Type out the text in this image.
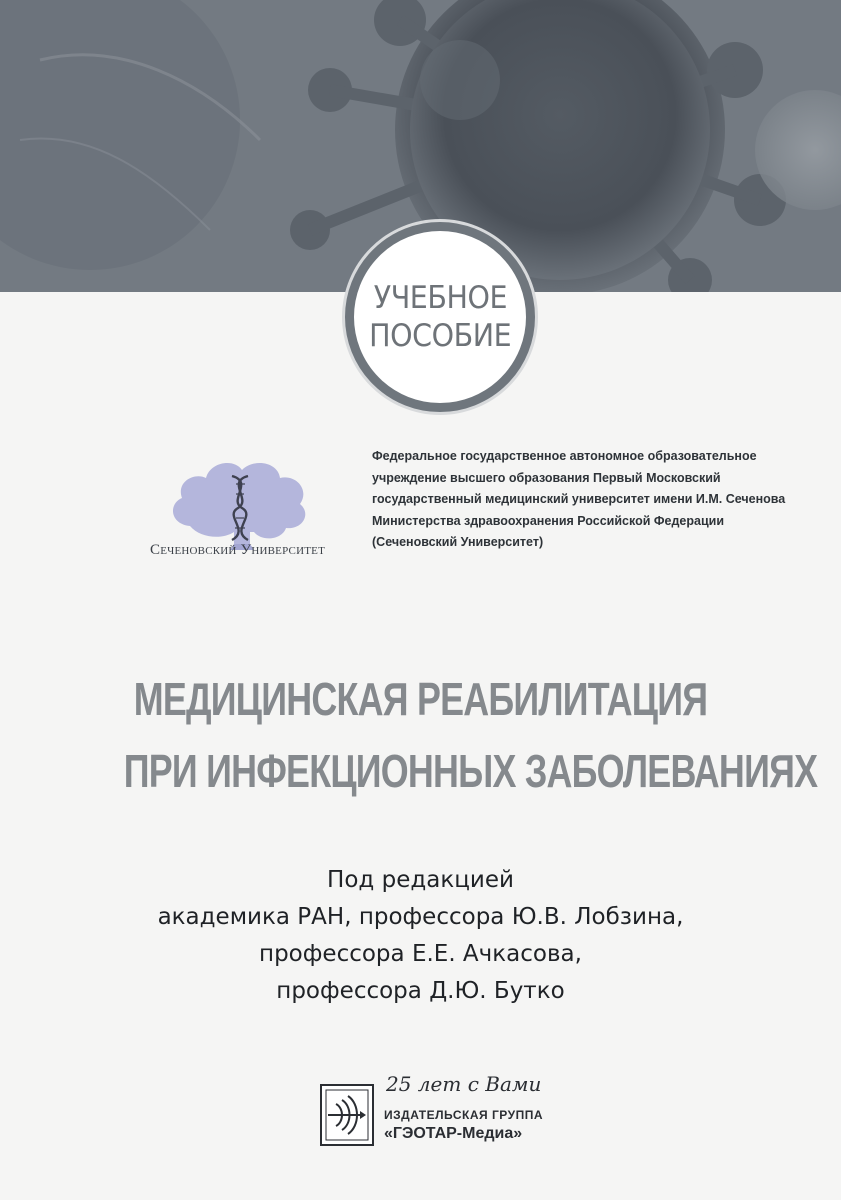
УЧЕБНОЕ
ПОСОБИЕ
Сеченовский Университет
Федеральное государственное автономное образовательное
учреждение высшего образования Первый Московский
государственный медицинский университет имени И.М. Сеченова
Министерства здравоохранения Российской Федерации
(Сеченовский Университет)
МЕДИЦИНСКАЯ РЕАБИЛИТАЦИЯ
ПРИ ИНФЕКЦИОННЫХ ЗАБОЛЕВАНИЯХ
Под редакцией
академика РАН, профессора Ю.В. Лобзина,
профессора Е.Е. Ачкасова,
профессора Д.Ю. Бутко
25 лет с Вами
ИЗДАТЕЛЬСКАЯ ГРУППА
«ГЭОТАР-Медиа»
